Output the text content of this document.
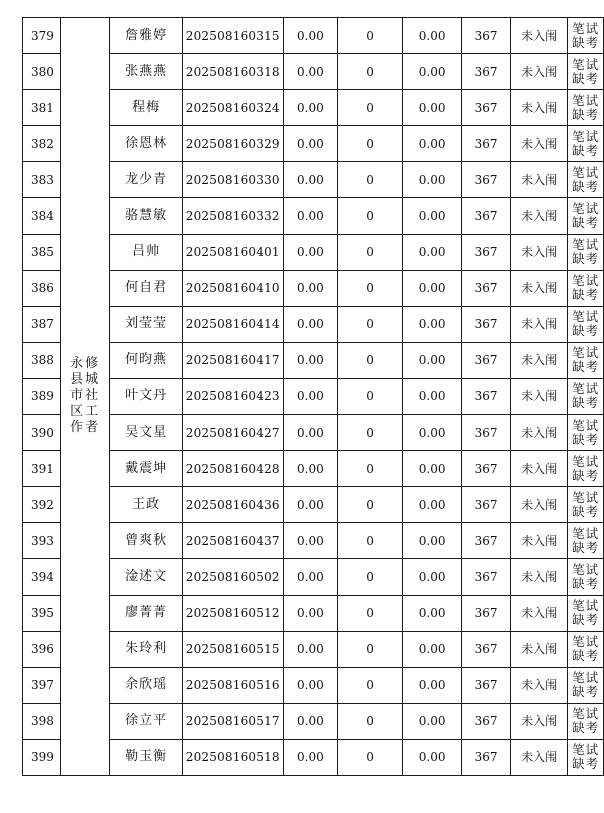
379	永修县城市社区工作者	詹雅婷	202508160315	0.00	0	0.00	367	未入闱	笔试缺考
380		张燕燕	202508160318	0.00	0	0.00	367	未入闱	笔试缺考
381		程梅	202508160324	0.00	0	0.00	367	未入闱	笔试缺考
382		徐恩林	202508160329	0.00	0	0.00	367	未入闱	笔试缺考
383		龙少青	202508160330	0.00	0	0.00	367	未入闱	笔试缺考
384		骆慧敏	202508160332	0.00	0	0.00	367	未入闱	笔试缺考
385		吕帅	202508160401	0.00	0	0.00	367	未入闱	笔试缺考
386		何自君	202508160410	0.00	0	0.00	367	未入闱	笔试缺考
387		刘莹莹	202508160414	0.00	0	0.00	367	未入闱	笔试缺考
388		何昀燕	202508160417	0.00	0	0.00	367	未入闱	笔试缺考
389		叶文丹	202508160423	0.00	0	0.00	367	未入闱	笔试缺考
390		吴文星	202508160427	0.00	0	0.00	367	未入闱	笔试缺考
391		戴震坤	202508160428	0.00	0	0.00	367	未入闱	笔试缺考
392		王政	202508160436	0.00	0	0.00	367	未入闱	笔试缺考
393		曾爽秋	202508160437	0.00	0	0.00	367	未入闱	笔试缺考
394		淦述文	202508160502	0.00	0	0.00	367	未入闱	笔试缺考
395		廖菁菁	202508160512	0.00	0	0.00	367	未入闱	笔试缺考
396		朱玲利	202508160515	0.00	0	0.00	367	未入闱	笔试缺考
397		余欣瑶	202508160516	0.00	0	0.00	367	未入闱	笔试缺考
398		徐立平	202508160517	0.00	0	0.00	367	未入闱	笔试缺考
399		勒玉衡	202508160518	0.00	0	0.00	367	未入闱	笔试缺考
